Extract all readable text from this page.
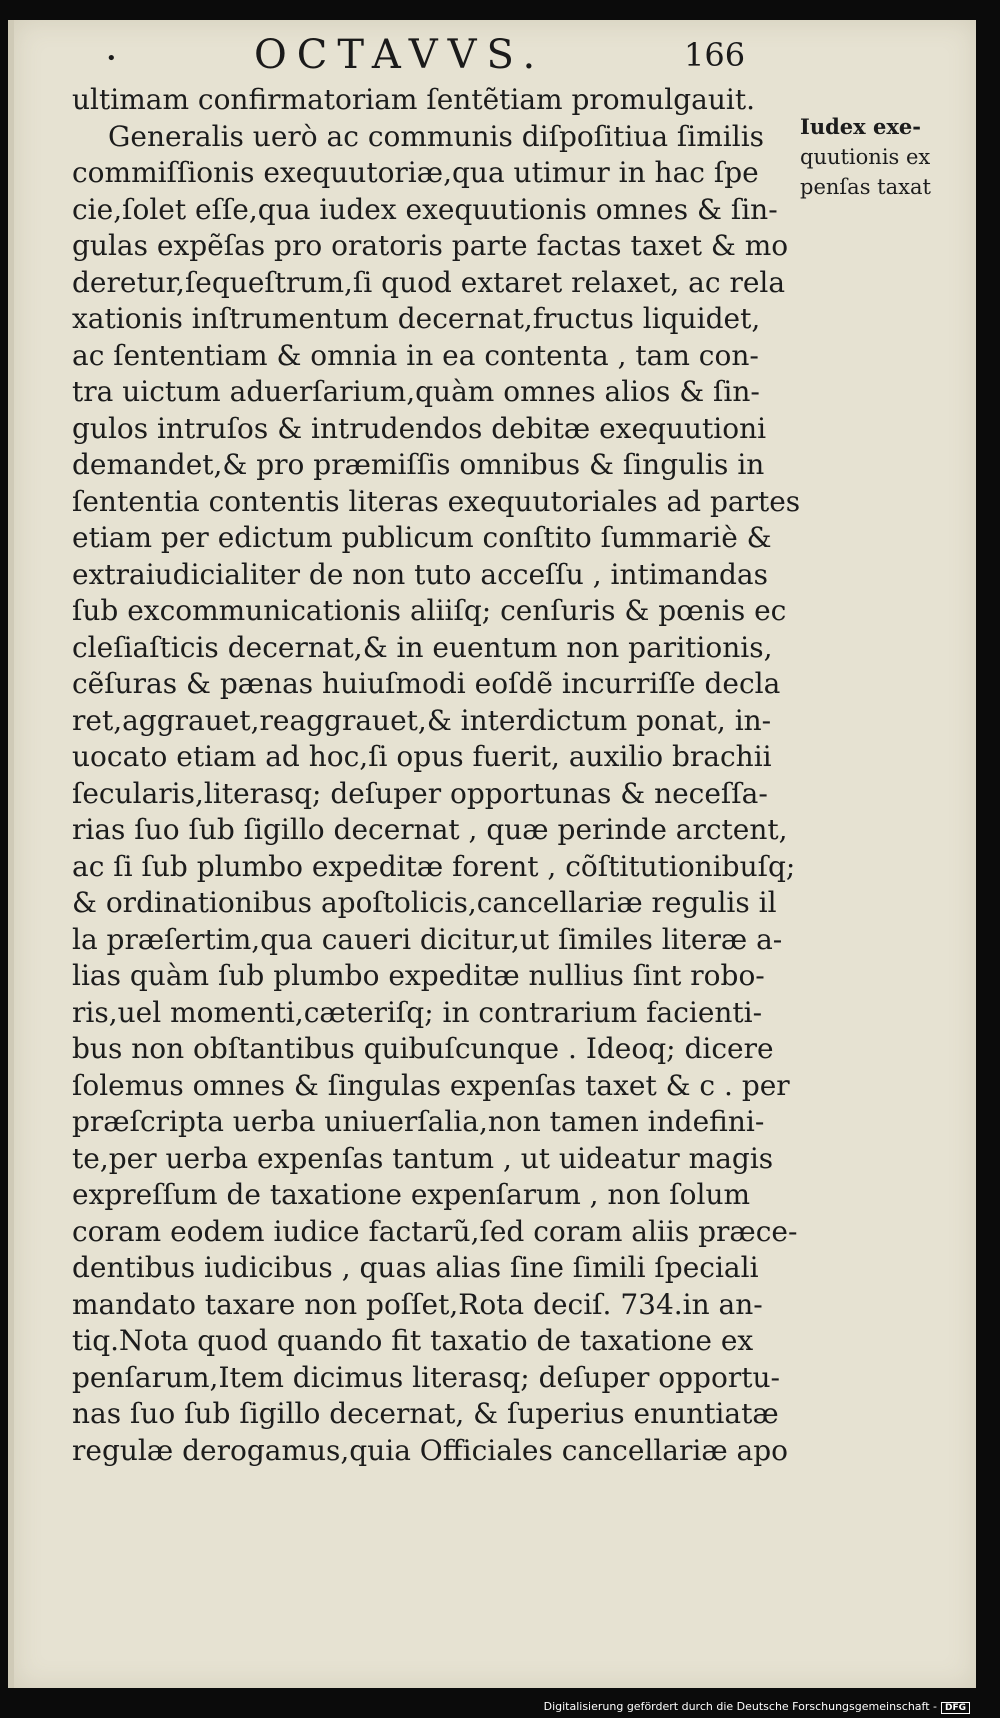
•	OCTAVVS.	166
ultimam confirmatoriam ſentẽtiam promulgauit.
Generalis uerò ac communis diſpoſitiua ſimilis
commiſſionis exequutoriæ,qua utimur in hac ſpe
cie,ſolet eſſe,qua iudex exequutionis omnes & ſin-
gulas expẽſas pro oratoris parte factas taxet & mo
deretur,ſequeſtrum,ſi quod extaret relaxet, ac rela
xationis inſtrumentum decernat,fructus liquidet,
ac ſententiam & omnia in ea contenta , tam con-
tra uictum aduerſarium,quàm omnes alios & ſin-
gulos intruſos & intrudendos debitæ exequutioni
demandet,& pro præmiſſis omnibus & ſingulis in
ſententia contentis literas exequutoriales ad partes
etiam per edictum publicum conſtito ſummariè &
extraiudicialiter de non tuto acceſſu , intimandas
ſub excommunicationis aliiſq; cenſuris & pœnis ec
cleſiaſticis decernat,& in euentum non paritionis,
cẽſuras & pænas huiuſmodi eoſdẽ incurriſſe decla
ret,aggrauet,reaggrauet,& interdictum ponat, in-
uocato etiam ad hoc,ſi opus fuerit, auxilio brachii
ſecularis,literasq; deſuper opportunas & neceſſa-
rias ſuo ſub ſigillo decernat , quæ perinde arctent,
ac ſi ſub plumbo expeditæ forent , cõſtitutionibuſq;
& ordinationibus apoſtolicis,cancellariæ regulis il
la præſertim,qua caueri dicitur,ut ſimiles literæ a-
lias quàm ſub plumbo expeditæ nullius ſint robo-
ris,uel momenti,cæteriſq; in contrarium facienti-
bus non obſtantibus quibuſcunque . Ideoq; dicere
ſolemus omnes & ſingulas expenſas taxet & c . per
præſcripta uerba uniuerſalia,non tamen indefini-
te,per uerba expenſas tantum , ut uideatur magis
expreſſum de taxatione expenſarum , non ſolum
coram eodem iudice factarũ,ſed coram aliis præce-
dentibus iudicibus , quas alias ſine ſimili ſpeciali
mandato taxare non poſſet,Rota deciſ. 734.in an-
tiq.Nota quod quando fit taxatio de taxatione ex
penſarum,Item dicimus literasq; deſuper opportu-
nas ſuo ſub ſigillo decernat, & ſuperius enuntiatæ
regulæ derogamus,quia Officiales cancellariæ apo
Iudex exe-
quutionis ex
penſas taxat
Digitalisierung gefördert durch die Deutsche Forschungsgemeinschaft - DFG
